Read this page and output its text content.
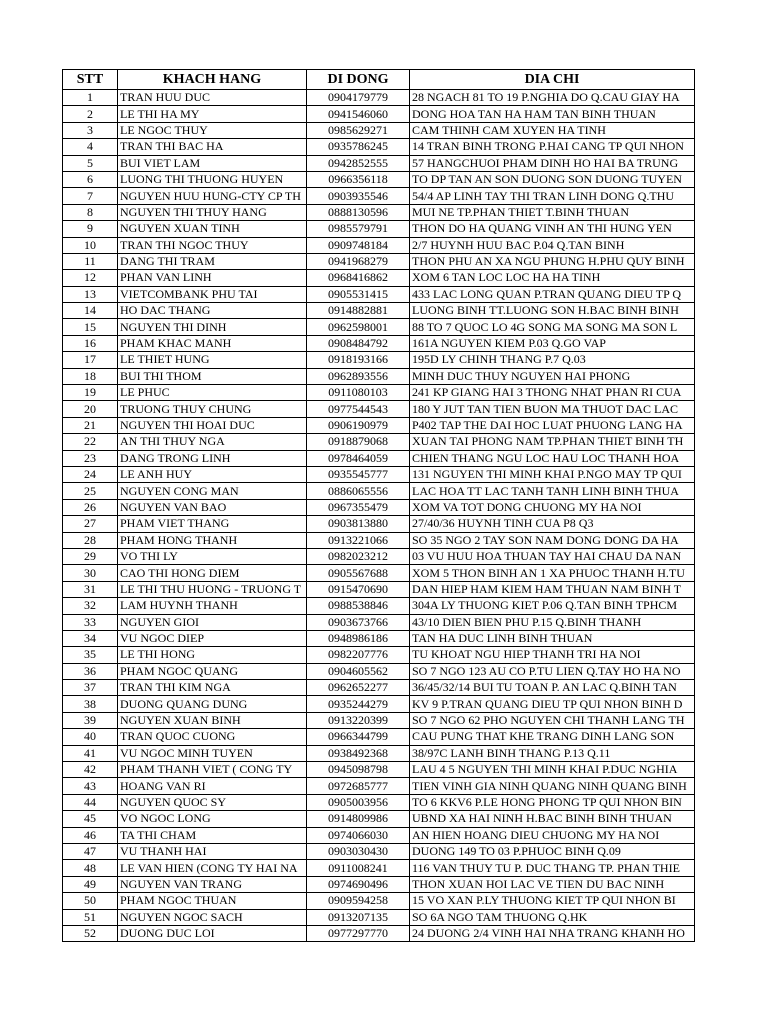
STT	KHACH HANG	DI DONG	DIA CHI
1	TRAN HUU DUC	0904179779	28 NGACH 81 TO 19 P.NGHIA DO Q.CAU GIAY HA
2	LE THI HA MY	0941546060	DONG HOA TAN HA HAM TAN BINH THUAN
3	LE NGOC THUY	0985629271	CAM THINH CAM XUYEN HA TINH
4	TRAN THI BAC HA	0935786245	14 TRAN BINH TRONG P.HAI CANG TP QUI NHON
5	BUI VIET LAM	0942852555	57 HANGCHUOI PHAM DINH HO HAI BA TRUNG
6	LUONG THI THUONG HUYEN	0966356118	TO DP TAN AN SON DUONG SON DUONG TUYEN
7	NGUYEN HUU HUNG-CTY CP TH	0903935546	54/4 AP LINH TAY THI TRAN LINH DONG Q.THU
8	NGUYEN THI THUY HANG	0888130596	MUI NE TP.PHAN THIET T.BINH THUAN
9	NGUYEN XUAN TINH	0985579791	THON DO HA QUANG VINH AN THI HUNG YEN
10	TRAN THI NGOC THUY	0909748184	2/7 HUYNH HUU BAC P.04 Q.TAN BINH
11	DANG THI TRAM	0941968279	THON PHU AN XA NGU PHUNG H.PHU QUY BINH
12	PHAN VAN LINH	0968416862	XOM 6 TAN LOC LOC HA HA TINH
13	VIETCOMBANK PHU TAI	0905531415	433 LAC LONG QUAN P.TRAN QUANG DIEU TP Q
14	HO DAC THANG	0914882881	LUONG BINH TT.LUONG SON H.BAC BINH BINH
15	NGUYEN THI DINH	0962598001	88 TO 7 QUOC LO 4G SONG MA SONG MA SON L
16	PHAM KHAC MANH	0908484792	161A NGUYEN KIEM P.03 Q.GO VAP
17	LE THIET HUNG	0918193166	195D LY CHINH THANG P.7 Q.03
18	BUI THI THOM	0962893556	MINH DUC THUY NGUYEN HAI PHONG
19	LE PHUC	0911080103	241 KP GIANG HAI 3 THONG NHAT PHAN RI CUA
20	TRUONG THUY CHUNG	0977544543	180 Y JUT TAN TIEN BUON MA THUOT DAC LAC
21	NGUYEN THI HOAI DUC	0906190979	P402 TAP THE DAI HOC LUAT PHUONG LANG HA
22	AN THI THUY NGA	0918879068	XUAN TAI PHONG NAM TP.PHAN THIET BINH TH
23	DANG TRONG LINH	0978464059	CHIEN THANG NGU LOC HAU LOC THANH HOA
24	LE ANH HUY	0935545777	131 NGUYEN THI MINH KHAI P.NGO MAY TP QUI
25	NGUYEN CONG MAN	0886065556	LAC HOA TT LAC TANH TANH LINH BINH THUA
26	NGUYEN VAN BAO	0967355479	XOM VA TOT DONG CHUONG MY HA NOI
27	PHAM VIET THANG	0903813880	27/40/36 HUYNH TINH CUA P8 Q3
28	PHAM HONG THANH	0913221066	SO 35 NGO 2 TAY SON NAM DONG DONG DA HA
29	VO THI LY	0982023212	03 VU HUU HOA THUAN TAY HAI CHAU DA NAN
30	CAO THI HONG DIEM	0905567688	XOM 5 THON BINH AN 1 XA PHUOC THANH H.TU
31	LE THI THU HUONG - TRUONG T	0915470690	DAN HIEP HAM KIEM HAM THUAN NAM BINH T
32	LAM HUYNH THANH	0988538846	304A LY THUONG KIET P.06 Q.TAN BINH TPHCM
33	NGUYEN GIOI	0903673766	43/10 DIEN BIEN PHU P.15 Q.BINH THANH
34	VU NGOC DIEP	0948986186	TAN HA DUC LINH BINH THUAN
35	LE THI HONG	0982207776	TU KHOAT NGU HIEP THANH TRI HA NOI
36	PHAM NGOC QUANG	0904605562	SO 7 NGO 123 AU CO P.TU LIEN Q.TAY HO HA NO
37	TRAN THI KIM NGA	0962652277	36/45/32/14 BUI TU TOAN P. AN LAC Q.BINH TAN
38	DUONG QUANG DUNG	0935244279	KV 9 P.TRAN QUANG DIEU TP QUI NHON BINH D
39	NGUYEN XUAN BINH	0913220399	SO 7 NGO 62 PHO NGUYEN CHI THANH LANG TH
40	TRAN QUOC CUONG	0966344799	CAU PUNG THAT KHE TRANG DINH LANG SON
41	VU NGOC MINH TUYEN	0938492368	38/97C LANH BINH THANG P.13 Q.11
42	PHAM THANH VIET ( CONG TY	0945098798	LAU 4 5 NGUYEN THI MINH KHAI P.DUC NGHIA
43	HOANG VAN RI	0972685777	TIEN VINH GIA NINH QUANG NINH QUANG BINH
44	NGUYEN QUOC SY	0905003956	TO 6 KKV6 P.LE HONG PHONG TP QUI NHON BIN
45	VO NGOC LONG	0914809986	UBND XA HAI NINH H.BAC BINH BINH THUAN
46	TA THI CHAM	0974066030	AN HIEN HOANG DIEU CHUONG MY HA NOI
47	VU THANH HAI	0903030430	DUONG 149 TO 03 P.PHUOC BINH Q.09
48	LE VAN HIEN (CONG TY HAI NA	0911008241	116 VAN THUY TU P. DUC THANG TP. PHAN THIE
49	NGUYEN VAN TRANG	0974690496	THON XUAN HOI LAC VE TIEN DU BAC NINH
50	PHAM NGOC THUAN	0909594258	15 VO XAN P.LY THUONG KIET TP QUI NHON BI
51	NGUYEN NGOC SACH	0913207135	SO 6A NGO TAM THUONG Q.HK
52	DUONG DUC LOI	0977297770	24 DUONG 2/4 VINH HAI NHA TRANG KHANH HO
